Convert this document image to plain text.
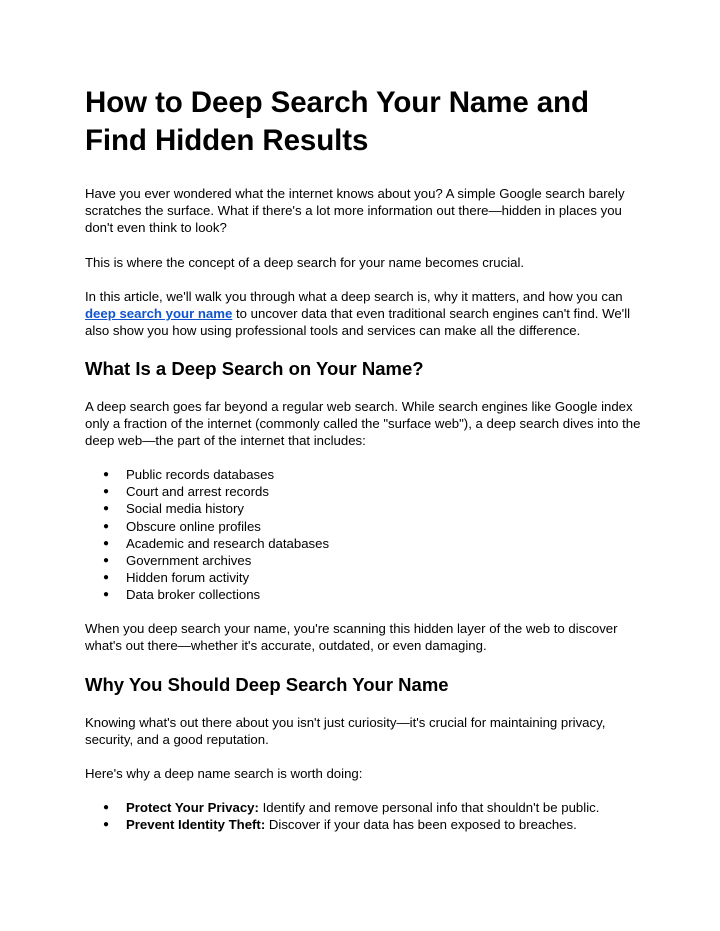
How to Deep Search Your Name and Find Hidden Results

Have you ever wondered what the internet knows about you? A simple Google search barely scratches the surface. What if there's a lot more information out there—hidden in places you don't even think to look?

This is where the concept of a deep search for your name becomes crucial.

In this article, we'll walk you through what a deep search is, why it matters, and how you can deep search your name to uncover data that even traditional search engines can't find. We'll also show you how using professional tools and services can make all the difference.

What Is a Deep Search on Your Name?

A deep search goes far beyond a regular web search. While search engines like Google index only a fraction of the internet (commonly called the "surface web"), a deep search dives into the deep web—the part of the internet that includes:

● Public records databases
● Court and arrest records
● Social media history
● Obscure online profiles
● Academic and research databases
● Government archives
● Hidden forum activity
● Data broker collections

When you deep search your name, you're scanning this hidden layer of the web to discover what's out there—whether it's accurate, outdated, or even damaging.

Why You Should Deep Search Your Name

Knowing what's out there about you isn't just curiosity—it's crucial for maintaining privacy, security, and a good reputation.

Here's why a deep name search is worth doing:

● Protect Your Privacy: Identify and remove personal info that shouldn't be public.
● Prevent Identity Theft: Discover if your data has been exposed to breaches.
